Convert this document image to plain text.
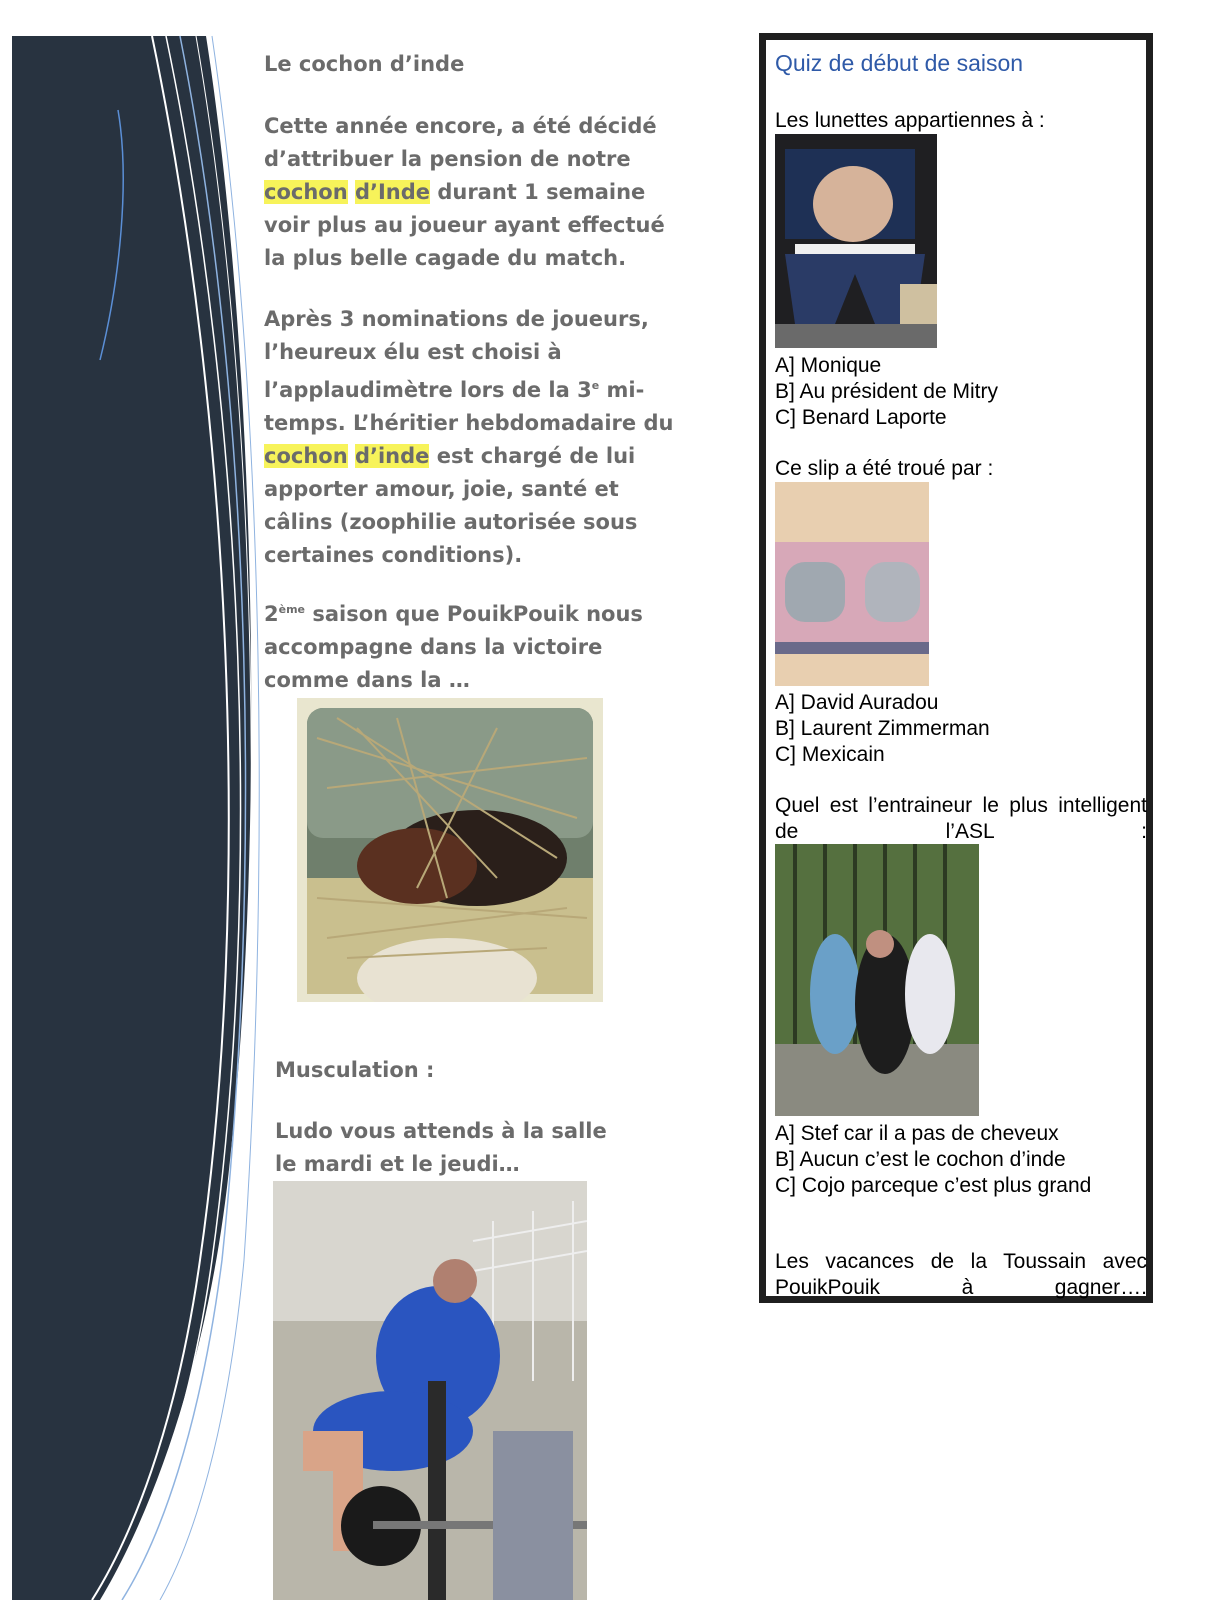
Le cochon d’inde

Cette année encore, a été décidé d’attribuer la pension de notre cochon d’Inde durant 1 semaine voir plus au joueur ayant effectué la plus belle cagade du match.

Après 3 nominations de joueurs, l’heureux élu est choisi à l’applaudimètre lors de la 3e mi-temps. L’héritier hebdomadaire du cochon d’inde est chargé de lui apporter amour, joie, santé et câlins (zoophilie autorisée sous certaines conditions).

2ème saison que PouikPouik nous accompagne dans la victoire comme dans la …

Musculation :

Ludo vous attends à la salle le mardi et le jeudi…

Quiz de début de saison

Les lunettes appartiennes à :

A] Monique

B] Au président de Mitry

C] Benard Laporte

Ce slip a été troué par :

A] David Auradou

B] Laurent Zimmerman

C] Mexicain

Quel est l’entraineur le plus intelligent de l’ASL :

A] Stef car il a pas de cheveux

B] Aucun c’est le cochon d’inde

C] Cojo parceque c’est plus grand

Les vacances de la Toussain avec PouikPouik à gagner….
